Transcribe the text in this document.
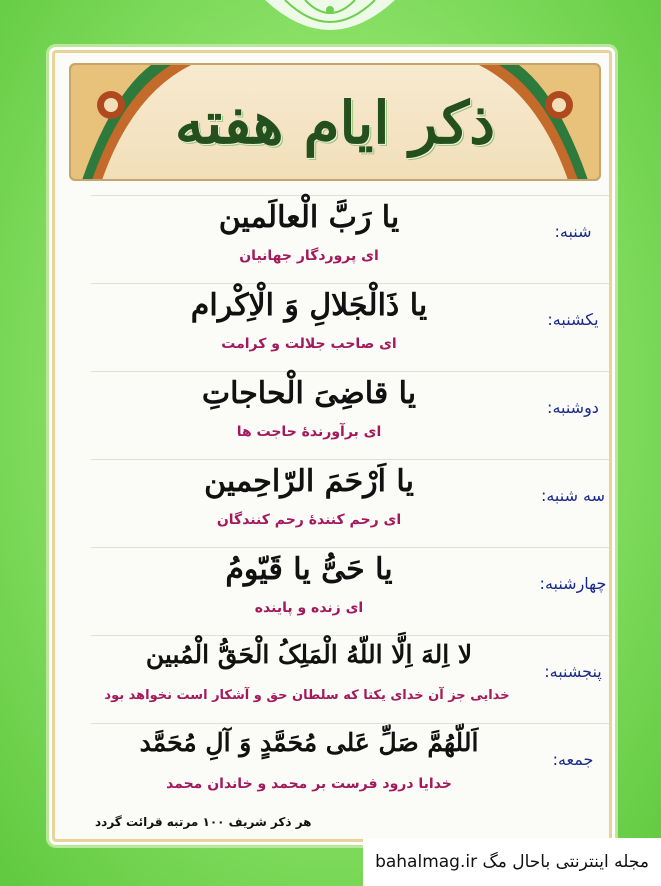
ذکر ایام هفته
شنبه:
یا رَبَّ الْعالَمین
ای پروردگار جهانیان
یکشنبه:
یا ذَالْجَلالِ وَ الْاِکْرام
ای صاحب جلالت و کرامت
دوشنبه:
یا قاضِیَ الْحاجاتِ
ای برآورندهٔ حاجت ها
سه شنبه:
یا اَرْحَمَ الرّاحِمین
ای رحم کنندهٔ رحم کنندگان
چهارشنبه:
یا حَیُّ یا قَیّومُ
ای زنده و پاینده
پنجشنبه:
لا اِلهَ اِلَّا اللّهُ الْمَلِکُ الْحَقُّ الْمُبین
خدایی جز آن خدای یکتا که سلطان حق و آشکار است نخواهد بود
جمعه:
اَللّهُمَّ صَلِّ عَلی مُحَمَّدٍ وَ آلِ مُحَمَّد
خدایا درود فرست بر محمد و خاندان محمد
هر ذکر شریف ۱۰۰ مرتبه قرائت گردد
مجله اینترنتی باحال مگ bahalmag.ir
